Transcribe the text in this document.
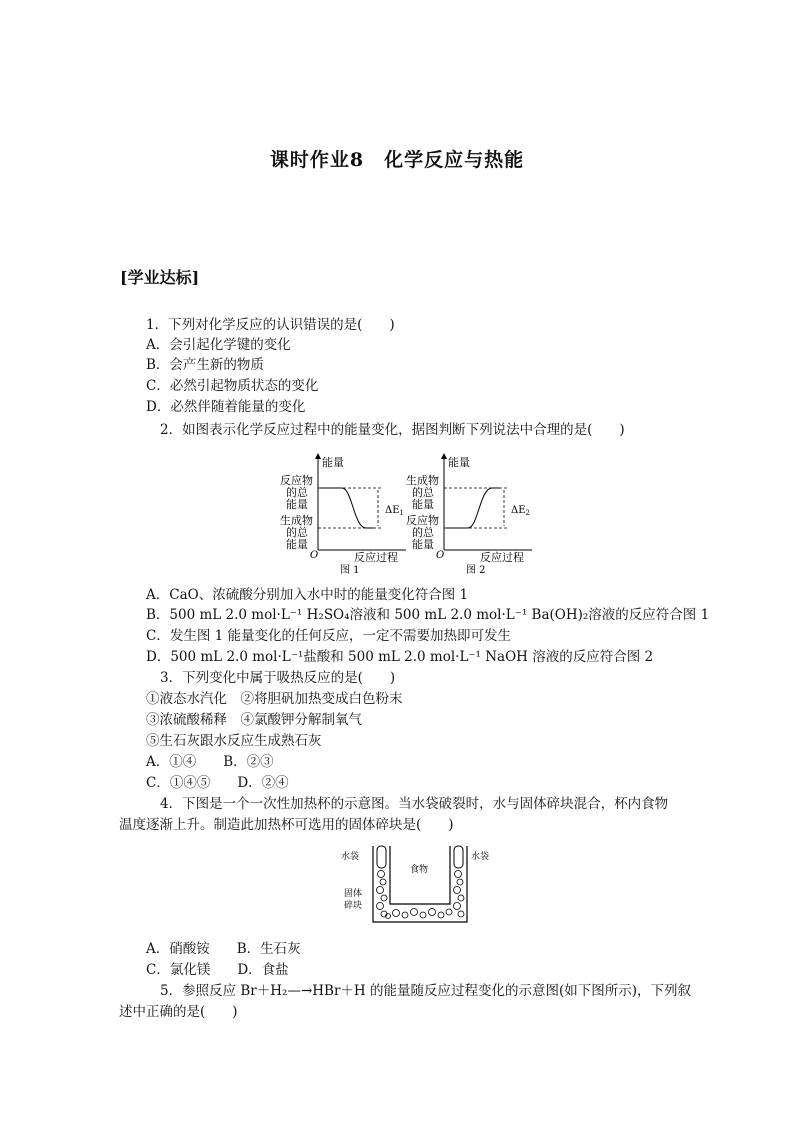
课时作业8　化学反应与热能
[学业达标]
1．下列对化学反应的认识错误的是(　　)
A．会引起化学键的变化
B．会产生新的物质
C．必然引起物质状态的变化
D．必然伴随着能量的变化
2．如图表示化学反应过程中的能量变化，据图判断下列说法中合理的是(　　)
能量
O	反应过程
图 1
反应物
的总
能量
生成物
的总
能量
$\Delta E_1$
能量
O	反应过程
图 2
生成物
的总
能量
反应物
的总
能量
$\Delta E_2$
A．CaO、浓硫酸分别加入水中时的能量变化符合图 1
B．500 mL 2.0 mol·L⁻¹ H₂SO₄溶液和 500 mL 2.0 mol·L⁻¹ Ba(OH)₂溶液的反应符合图 1
C．发生图 1 能量变化的任何反应，一定不需要加热即可发生
D．500 mL 2.0 mol·L⁻¹盐酸和 500 mL 2.0 mol·L⁻¹ NaOH 溶液的反应符合图 2
3．下列变化中属于吸热反应的是(　　)
①液态水汽化　②将胆矾加热变成白色粉末
③浓硫酸稀释　④氯酸钾分解制氧气
⑤生石灰跟水反应生成熟石灰
A．①④　　B．②③
C．①④⑤　　D．②④
4．下图是一个一次性加热杯的示意图。当水袋破裂时，水与固体碎块混合，杯内食物
温度逐渐上升。制造此加热杯可选用的固体碎块是(　　)
水袋	水袋
食物
固体
碎块
A．硝酸铵　　B．生石灰
C．氯化镁　　D．食盐
5．参照反应 Br＋H₂—→HBr＋H 的能量随反应过程变化的示意图(如下图所示)，下列叙
述中正确的是(　　)
